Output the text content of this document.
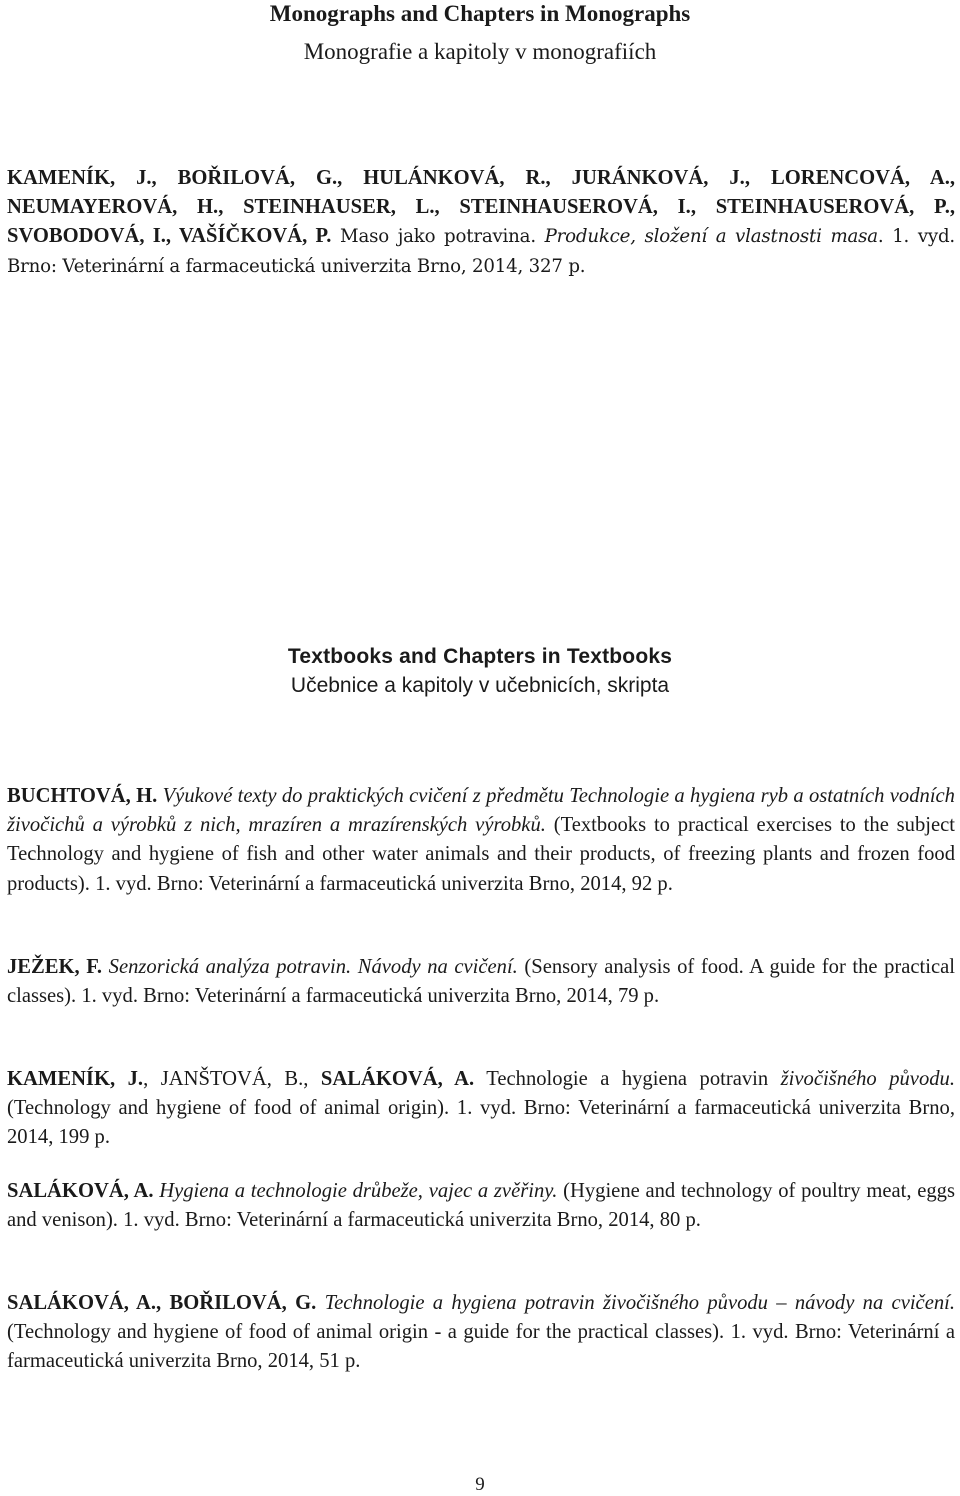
Monographs and Chapters in Monographs
Monografie a kapitoly v monografiích
KAMENÍK, J., BOŘILOVÁ, G., HULÁNKOVÁ, R., JURÁNKOVÁ, J., LORENCOVÁ, A., NEUMAYEROVÁ, H., STEINHAUSER, L., STEINHAUSEROVÁ, I., STEINHAUSEROVÁ, P., SVOBODOVÁ, I., VAŠÍČKOVÁ, P. Maso jako potravina. Produkce, složení a vlastnosti masa. 1. vyd. Brno: Veterinární a farmaceutická univerzita Brno, 2014, 327 p.
Textbooks and Chapters in Textbooks
Učebnice a kapitoly v učebnicích, skripta
BUCHTOVÁ, H. Výukové texty do praktických cvičení z předmětu Technologie a hygiena ryb a ostatních vodních živočichů a výrobků z nich, mrazíren a mrazírenských výrobků. (Textbooks to practical exercises to the subject Technology and hygiene of fish and other water animals and their products, of freezing plants and frozen food products). 1. vyd. Brno: Veterinární a farmaceutická univerzita Brno, 2014, 92 p.
JEŽEK, F. Senzorická analýza potravin. Návody na cvičení. (Sensory analysis of food. A guide for the practical classes). 1. vyd. Brno: Veterinární a farmaceutická univerzita Brno, 2014, 79 p.
KAMENÍK, J., JANŠTOVÁ, B., SALÁKOVÁ, A. Technologie a hygiena potravin živočišného původu. (Technology and hygiene of food of animal origin). 1. vyd. Brno: Veterinární a farmaceutická univerzita Brno, 2014, 199 p.
SALÁKOVÁ, A. Hygiena a technologie drůbeže, vajec a zvěřiny. (Hygiene and technology of poultry meat, eggs and venison). 1. vyd. Brno: Veterinární a farmaceutická univerzita Brno, 2014, 80 p.
SALÁKOVÁ, A., BOŘILOVÁ, G. Technologie a hygiena potravin živočišného původu – návody na cvičení. (Technology and hygiene of food of animal origin - a guide for the practical classes). 1. vyd. Brno: Veterinární a farmaceutická univerzita Brno, 2014, 51 p.
9
